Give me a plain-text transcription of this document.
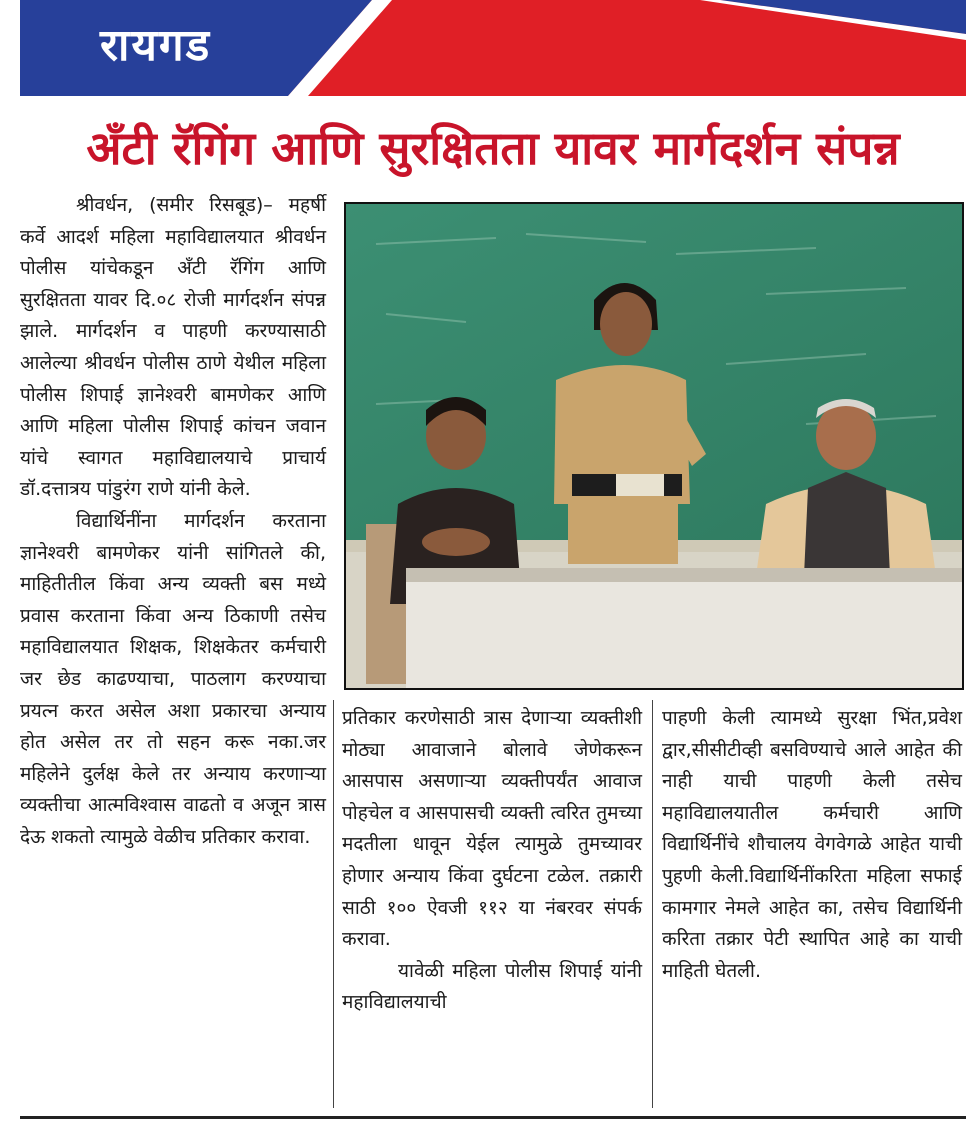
रायगड
अँटी रॅगिंग आणि सुरक्षितता यावर मार्गदर्शन संपन्न

श्रीवर्धन, (समीर रिसबूड)– महर्षी कर्वे आदर्श महिला महाविद्यालयात श्रीवर्धन पोलीस यांचेकडून अँटी रॅगिंग आणि सुरक्षितता यावर दि.०८ रोजी मार्गदर्शन संपन्न झाले. मार्गदर्शन व पाहणी करण्यासाठी आलेल्या श्रीवर्धन पोलीस ठाणे येथील महिला पोलीस शिपाई ज्ञानेश्वरी बामणेकर आणि आणि महिला पोलीस शिपाई कांचन जवान यांचे स्वागत महाविद्यालयाचे प्राचार्य डॉ.दत्तात्रय पांडुरंग राणे यांनी केले.

विद्यार्थिनींना मार्गदर्शन करताना ज्ञानेश्वरी बामणेकर यांनी सांगितले की, माहितीतील किंवा अन्य व्यक्ती बस मध्ये प्रवास करताना किंवा अन्य ठिकाणी तसेच महाविद्यालयात शिक्षक, शिक्षकेतर कर्मचारी जर छेड काढण्याचा, पाठलाग करण्याचा प्रयत्न करत असेल अशा प्रकारचा अन्याय होत असेल तर तो सहन करू नका.जर महिलेने दुर्लक्ष केले तर अन्याय करणाऱ्या व्यक्तीचा आत्मविश्वास वाढतो व अजून त्रास देऊ शकतो त्यामुळे वेळीच प्रतिकार करावा.

प्रतिकार करणेसाठी त्रास देणाऱ्या व्यक्तीशी मोठ्या आवाजाने बोलावे जेणेकरून आसपास असणाऱ्या व्यक्तीपर्यंत आवाज पोहचेल व आसपासची व्यक्ती त्वरित तुमच्या मदतीला धावून येईल त्यामुळे तुमच्यावर होणार अन्याय किंवा दुर्घटना टळेल. तक्रारी साठी १०० ऐवजी ११२ या नंबरवर संपर्क करावा.

यावेळी महिला पोलीस शिपाई यांनी महाविद्यालयाची

पाहणी केली त्यामध्ये सुरक्षा भिंत,प्रवेश द्वार,सीसीटीव्ही बसविण्याचे आले आहेत की नाही याची पाहणी केली तसेच महाविद्यालयातील कर्मचारी आणि विद्यार्थिनींचे शौचालय वेगवेगळे आहेत याची पुहणी केली.विद्यार्थिनींकरिता महिला सफाई कामगार नेमले आहेत का, तसेच विद्यार्थिनी करिता तक्रार पेटी स्थापित आहे का याची माहिती घेतली.
